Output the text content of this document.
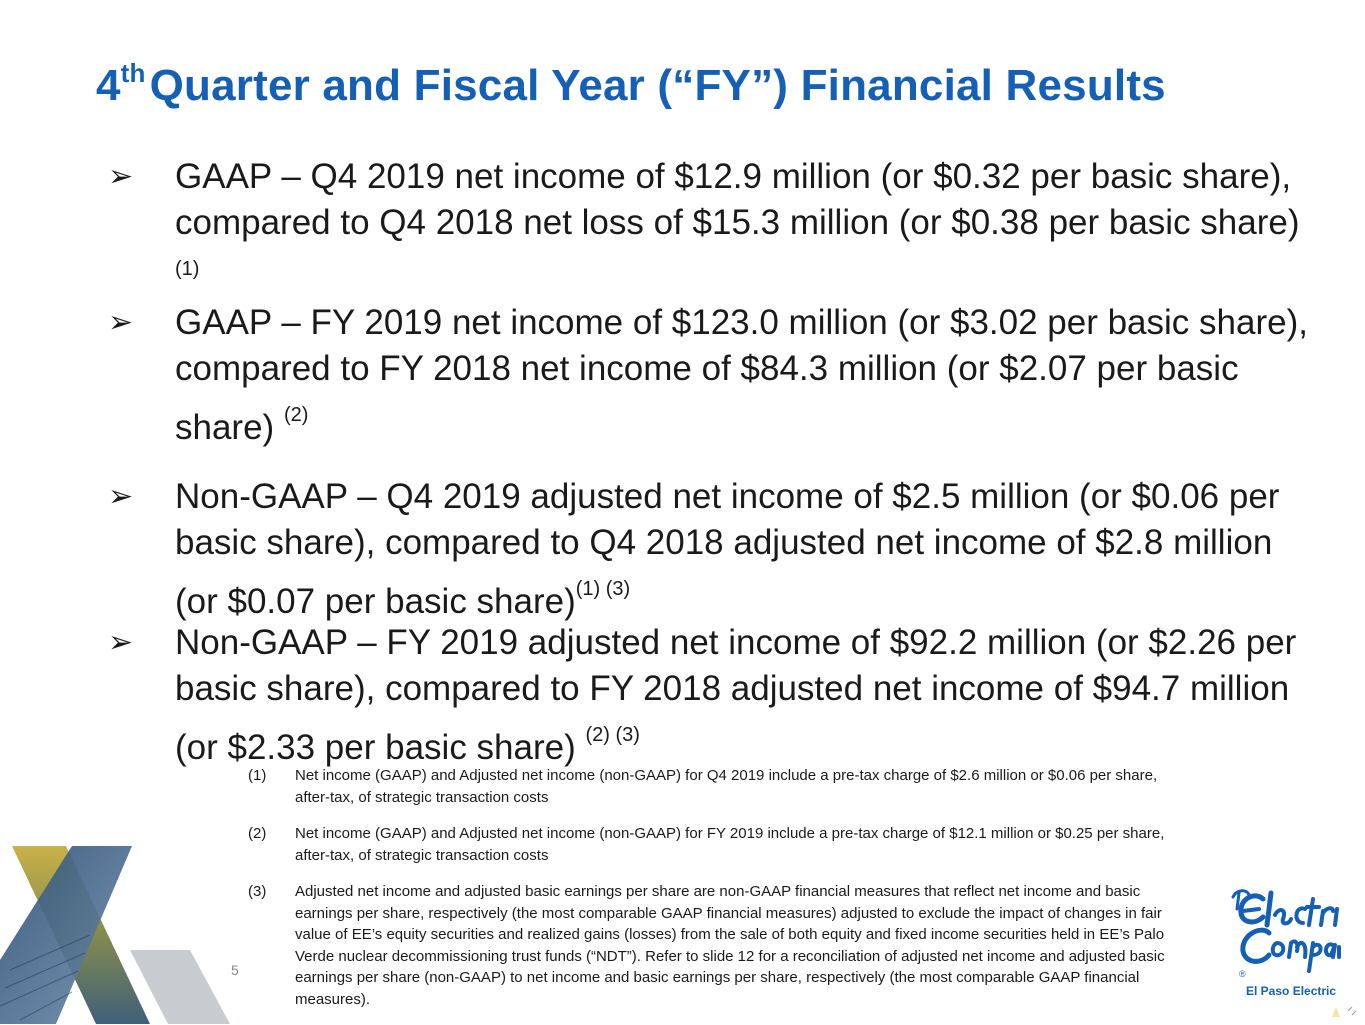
4thQuarter and Fiscal Year (“FY”) Financial Results
➢	GAAP – Q4 2019 net income of $12.9 million (or $0.32 per basic share), compared to Q4 2018 net loss of $15.3 million (or $0.38 per basic share) $^{(1)}$
➢	GAAP – FY 2019 net income of $123.0 million (or $3.02 per basic share), compared to FY 2018 net income of $84.3 million (or $2.07 per basic share) $^{(2)}$
➢	Non-GAAP – Q4 2019 adjusted net income of $2.5 million (or $0.06 per basic share), compared to Q4 2018 adjusted net income of $2.8 million (or $0.07 per basic share)$^{(1) (3)}$
➢	Non-GAAP – FY 2019 adjusted net income of $92.2 million (or $2.26 per basic share), compared to FY 2018 adjusted net income of $94.7 million (or $2.33 per basic share) $^{(2) (3)}$
(1) Net income (GAAP) and Adjusted net income (non-GAAP) for Q4 2019 include a pre-tax charge of $2.6 million or $0.06 per share, after-tax, of strategic transaction costs
(2) Net income (GAAP) and Adjusted net income (non-GAAP) for FY 2019 include a pre-tax charge of $12.1 million or $0.25 per share, after-tax, of strategic transaction costs
(3) Adjusted net income and adjusted basic earnings per share are non-GAAP financial measures that reflect net income and basic earnings per share, respectively (the most comparable GAAP financial measures) adjusted to exclude the impact of changes in fair value of EE’s equity securities and realized gains (losses) from the sale of both equity and fixed income securities held in EE’s Palo Verde nuclear decommissioning trust funds (“NDT”). Refer to slide 12 for a reconciliation of adjusted net income and adjusted basic earnings per share (non-GAAP) to net income and basic earnings per share, respectively (the most comparable GAAP financial measures).
5	®
El Paso Electric
